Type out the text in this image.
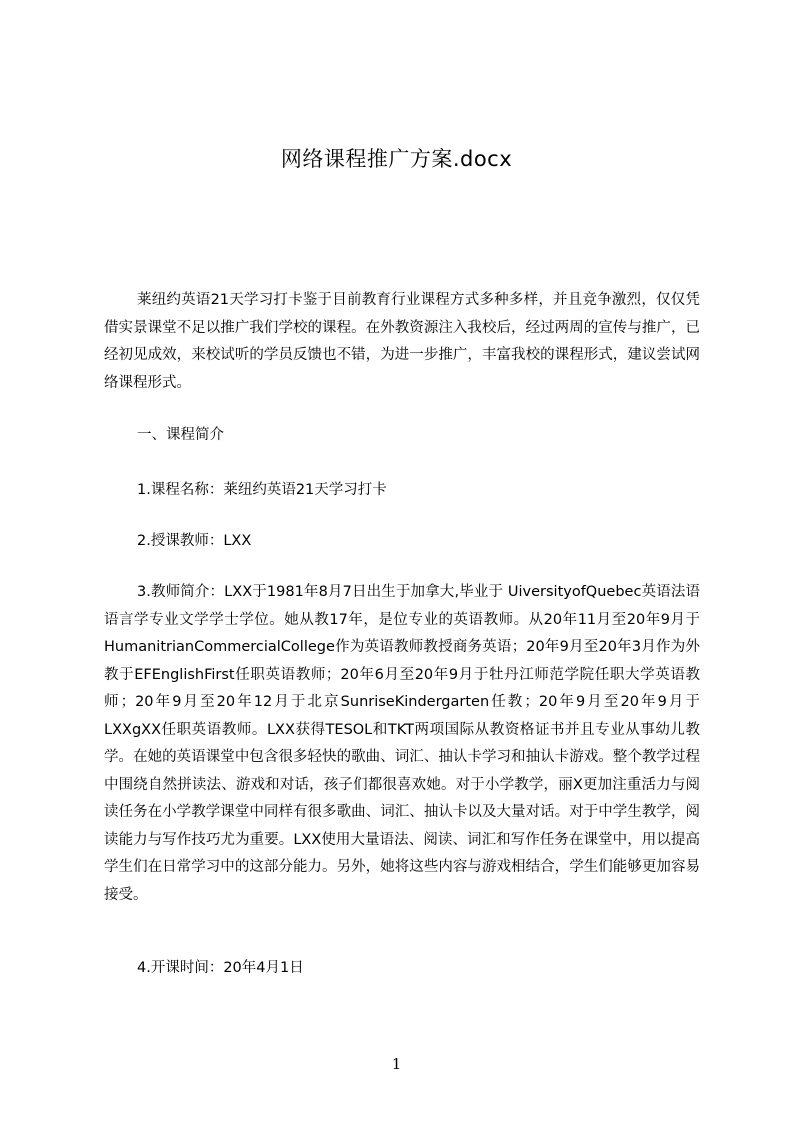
网络课程推广方案.docx
莱纽约英语21天学习打卡鉴于目前教育行业课程方式多种多样，并且竞争激烈，仅仅凭借实景课堂不足以推广我们学校的课程。在外教资源注入我校后，经过两周的宣传与推广，已经初见成效，来校试听的学员反馈也不错，为进一步推广，丰富我校的课程形式，建议尝试网络课程形式。
一、课程简介
1.课程名称：莱纽约英语21天学习打卡
2.授课教师：LXX
3.教师简介：LXX于1981年8月7日出生于加拿大,毕业于 UiversityofQuebec英语法语语言学专业文学学士学位。她从教17年，是位专业的英语教师。从20年11月至20年9月于HumanitrianCommercialCollege作为英语教师教授商务英语；20年9月至20年3月作为外教于EFEnglishFirst任职英语教师；20年6月至20年9月于牡丹江师范学院任职大学英语教师；20年9月至20年12月于北京SunriseKindergarten任教；20年9月至20年9月于LXXgXX任职英语教师。LXX获得TESOL和TKT两项国际从教资格证书并且专业从事幼儿教学。在她的英语课堂中包含很多轻快的歌曲、词汇、抽认卡学习和抽认卡游戏。整个教学过程中围绕自然拼读法、游戏和对话，孩子们都很喜欢她。对于小学教学，丽X更加注重活力与阅读任务在小学教学课堂中同样有很多歌曲、词汇、抽认卡以及大量对话。对于中学生教学，阅读能力与写作技巧尤为重要。LXX使用大量语法、阅读、词汇和写作任务在课堂中，用以提高学生们在日常学习中的这部分能力。另外，她将这些内容与游戏相结合，学生们能够更加容易接受。
4.开课时间：20年4月1日
1
